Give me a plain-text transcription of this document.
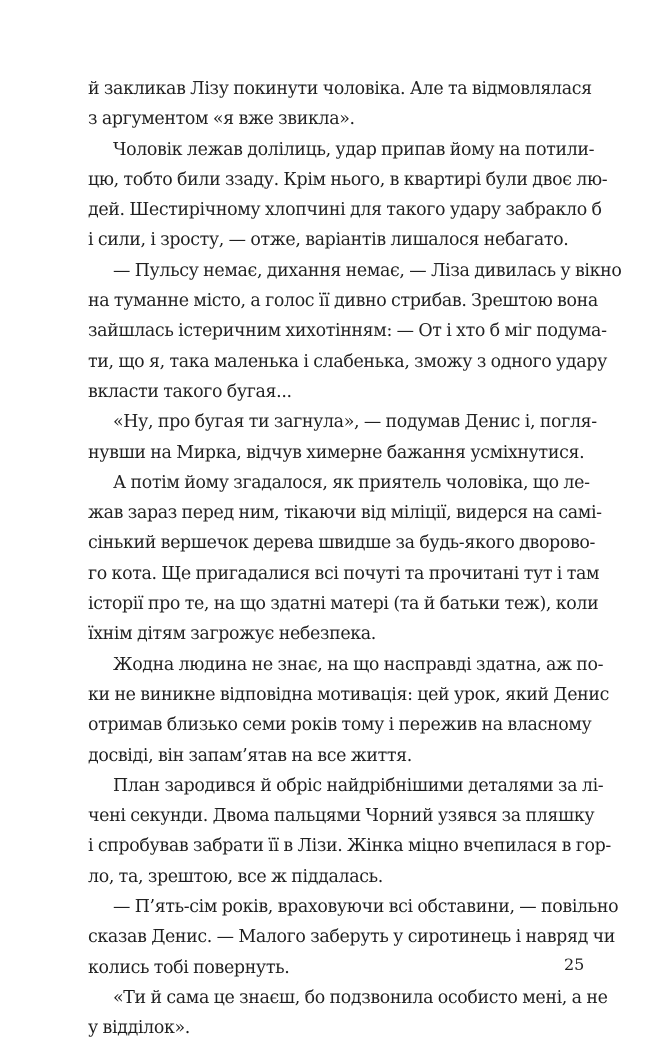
й закликав Лізу покинути чоловіка. Але та відмовлялася
з аргументом «я вже звикла».
Чоловік лежав долілиць, удар припав йому на потили-
цю, тобто били ззаду. Крім нього, в квартирі були двоє лю-
дей. Шестирічному хлопчині для такого удару забракло б
і сили, і зросту, — отже, варіантів лишалося небагато.
— Пульсу немає, дихання немає, — Ліза дивилась у вікно
на туманне місто, а голос її дивно стрибав. Зрештою вона
зайшлась істеричним хихотінням: — От і хто б міг подума-
ти, що я, така маленька і слабенька, зможу з одного удару
вкласти такого бугая...
«Ну, про бугая ти загнула», — подумав Денис і, погля-
нувши на Мирка, відчув химерне бажання усміхнутися.
А потім йому згадалося, як приятель чоловіка, що ле-
жав зараз перед ним, тікаючи від міліції, видерся на самі-
сінький вершечок дерева швидше за будь-якого дворово-
го кота. Ще пригадалися всі почуті та прочитані тут і там
історії про те, на що здатні матері (та й батьки теж), коли
їхнім дітям загрожує небезпека.
Жодна людина не знає, на що насправді здатна, аж по-
ки не виникне відповідна мотивація: цей урок, який Денис
отримав близько семи років тому і пережив на власному
досвіді, він запам’ятав на все життя.
План зародився й обріс найдрібнішими деталями за лі-
чені секунди. Двома пальцями Чорний узявся за пляшку
і спробував забрати її в Лізи. Жінка міцно вчепилася в гор-
ло, та, зрештою, все ж піддалась.
— П’ять-сім років, враховуючи всі обставини, — повільно
сказав Денис. — Малого заберуть у сиротинець і навряд чи
колись тобі повернуть.
«Ти й сама це знаєш, бо подзвонила особисто мені, а не
у відділок».
25
